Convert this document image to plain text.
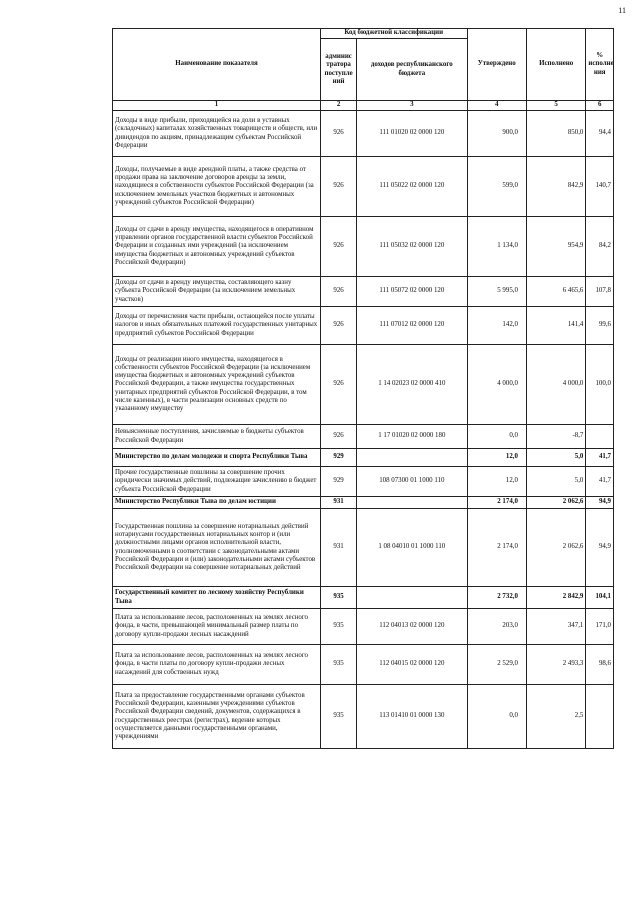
11
Наименование показателя	Код бюджетной классификации		Утверждено	Исполнено	% исполне ния
	админис тратора поступле ний	доходов республиканского бюджета			
1	2	3	4	5	6
Доходы в виде прибыли, приходящейся на доли в уставных (складочных) капиталах хозяйственных товариществ и обществ, или дивидендов по акциям, принадлежащим субъектам Российской Федерации	926	111 01020 02 0000 120	900,0	850,0	94,4
Доходы, получаемые в виде арендной платы, а также средства от продажи права на заключение договоров аренды за земли, находящиеся в собственности субъектов Российской Федерации (за исключением земельных участков бюджетных и автономных учреждений субъектов Российской Федерации)	926	111 05022 02 0000 120	599,0	842,9	140,7
Доходы от сдачи в аренду имущества, находящегося в оперативном управлении органов государственной власти субъектов Российской Федерации и созданных ими учреждений (за исключением имущества бюджетных и автономных учреждений субъектов Российской Федерации)	926	111 05032 02 0000 120	1 134,0	954,9	84,2
Доходы от сдачи в аренду имущества, составляющего казну субъекта Российской Федерации (за исключением земельных участков)	926	111 05072 02 0000 120	5 995,0	6 465,6	107,8
Доходы от перечисления части прибыли, остающейся после уплаты налогов и иных обязательных платежей государственных унитарных предприятий субъектов Российской Федерации	926	111 07012 02 0000 120	142,0	141,4	99,6
Доходы от реализации иного имущества, находящегося в собственности субъектов Российской Федерации (за исключением имущества бюджетных и автономных учреждений субъектов Российской Федерации, а также имущества государственных унитарных предприятий субъектов Российской Федерации, в том числе казенных), в части реализации основных средств по указанному имуществу	926	1 14 02023 02 0000 410	4 000,0	4 000,0	100,0
Невыясненные поступления, зачисляемые в бюджеты субъектов Российской Федерации	926	1 17 01020 02 0000 180	0,0	-8,7	
Министерство по делам молодежи и спорта Республики Тыва	929		12,0	5,0	41,7
Прочие государственные пошлины за совершение прочих юридически значимых действий, подлежащие зачислению в бюджет субъекта Российской Федерации	929	108 07300 01 1000 110	12,0	5,0	41,7
Министерство Республики Тыва по делам юстиции	931		2 174,0	2 062,6	94,9
Государственная пошлина за совершение нотариальных действий нотариусами государственных нотариальных контор и (или должностными лицами органов исполнительной власти, уполномоченными в соответствии с законодательными актами Российской Федерации и (или) законодательными актами субъектов Российской Федерации на совершение нотариальных действий	931	1 08 04010 01 1000 110	2 174,0	2 062,6	94,9
Государственный комитет по лесному хозяйству Республики Тыва	935		2 732,0	2 842,9	104,1
Плата за использование лесов, расположенных на землях лесного фонда, в части, превышающей минимальный размер платы по договору купли-продажи лесных насаждений	935	112 04013 02 0000 120	203,0	347,1	171,0
Плата за использование лесов, расположенных на землях лесного фонда, в части платы по договору купли-продажи лесных насаждений для собственных нужд	935	112 04015 02 0000 120	2 529,0	2 493,3	98,6
Плата за предоставление государственными органами субъектов Российской Федерации, казенными учреждениями субъектов Российской Федерации сведений, документов, содержащихся в государственных реестрах (регистрах), ведение которых осуществляется данными государственными органами, учреждениями	935	113 01410 01 0000 130	0,0	2,5	
